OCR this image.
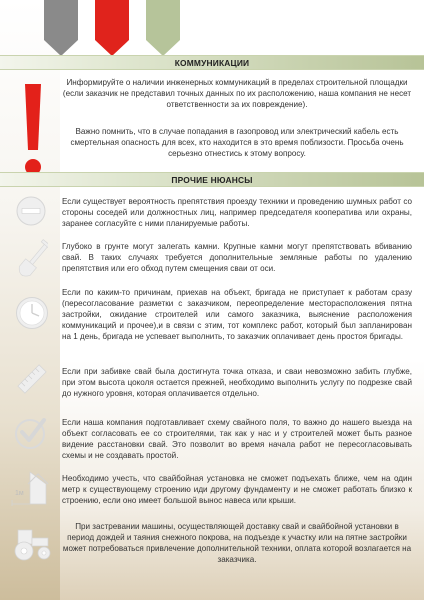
КОММУНИКАЦИИ

Информируйте о наличии инженерных коммуникаций в пределах строительной площадки (если заказчик не представил точных данных по их расположению, наша компания не несет ответственности за их повреждение).

Важно помнить, что в случае попадания в газопровод или электрический кабель есть смертельная опасность для всех, кто находится в это время поблизости. Просьба очень серьезно отнестись к этому вопросу.

ПРОЧИЕ НЮАНСЫ

Если существует вероятность препятствия проезду техники и проведению шумных работ со стороны соседей или должностных лиц, например председателя кооператива или охраны, заранее согласуйте с ними планируемые работы.

Глубоко в грунте могут залегать камни. Крупные камни могут препятствовать вбиванию свай. В таких случаях требуется дополнительные земляные работы по удалению препятствия или его обход путем смещения сваи от оси.

Если по каким-то причинам, приехав на объект, бригада не приступает к работам сразу (пересогласование разметки с заказчиком, переопределение месторасположения пятна застройки, ожидание строителей или самого заказчика, выяснение расположения коммуникаций и прочее),и в связи с этим, тот комплекс работ, который был запланирован на 1 день, бригада не успевает выполнить, то заказчик оплачивает день простоя бригады.

Если при забивке свай была достигнута точка отказа, и сваи невозможно забить глубже, при этом высота цоколя остается прежней, необходимо выполнить услугу по подрезке свай до нужного уровня, которая оплачивается отдельно.

Если наша компания подготавливает схему свайного поля, то важно до нашего выезда на объект согласовать ее со строителями, так как у нас и у строителей может быть разное видение расстановки свай. Это позволит во время начала работ не пересогласовывать схемы и не создавать простой.

1м

Необходимо учесть, что свайбойная установка не сможет подъехать ближе, чем на один метр к существующему строению иди другому фундаменту и не сможет работать близко к строению, если оно имеет большой вынос навеса или крыши.

При застревании машины, осуществляющей доставку свай и свайбойной установки в период дождей и таяния снежного покрова, на подъезде к участку или на пятне застройки может потребоваться привлечение дополнительной техники, оплата которой возлагается на заказчика.
